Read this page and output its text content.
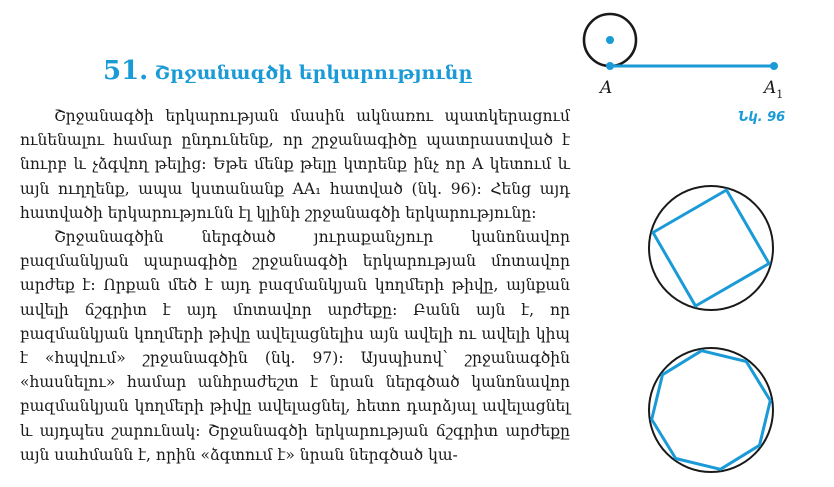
51. Շրջանագծի երկարությունը

Շրջանագծի երկարության մասին ակնառու պատկերացում ունենալու համար ընդունենք, որ շրջանագիծը պատրաստված է նուրբ և չձգվող թելից: Եթե մենք թելը կտրենք ինչ որ A կետում և այն ուղղենք, ապա կստանանք AA₁ հատված (նկ. 96): Հենց այդ հատվածի երկարությունն էլ կլինի շրջանագծի երկարությունը:

Շրջանագծին ներգծած յուրաքանչյուր կանոնավոր բազմանկյան պարագիծը շրջանագծի երկարության մոտավոր արժեք է: Որքան մեծ է այդ բազմանկյան կողմերի թիվը, այնքան ավելի ճշգրիտ է այդ մոտավոր արժեքը: Բանն այն է, որ բազմանկյան կողմերի թիվը ավելացնելիս այն ավելի ու ավելի կիպ է «հպվում» շրջանագծին (նկ. 97): Այսպիսով՝ շրջանագծին «հասնելու» համար անհրաժեշտ է նրան ներգծած կանոնավոր բազմանկյան կողմերի թիվը ավելացնել, հետո դարձյալ ավելացնել և այդպես շարունակ: Շրջանագծի երկարության ճշգրիտ արժեքը այն սահմանն է, որին «ձգտում է» նրան ներգծած կա-

A	$A_1$
Նկ. 96
